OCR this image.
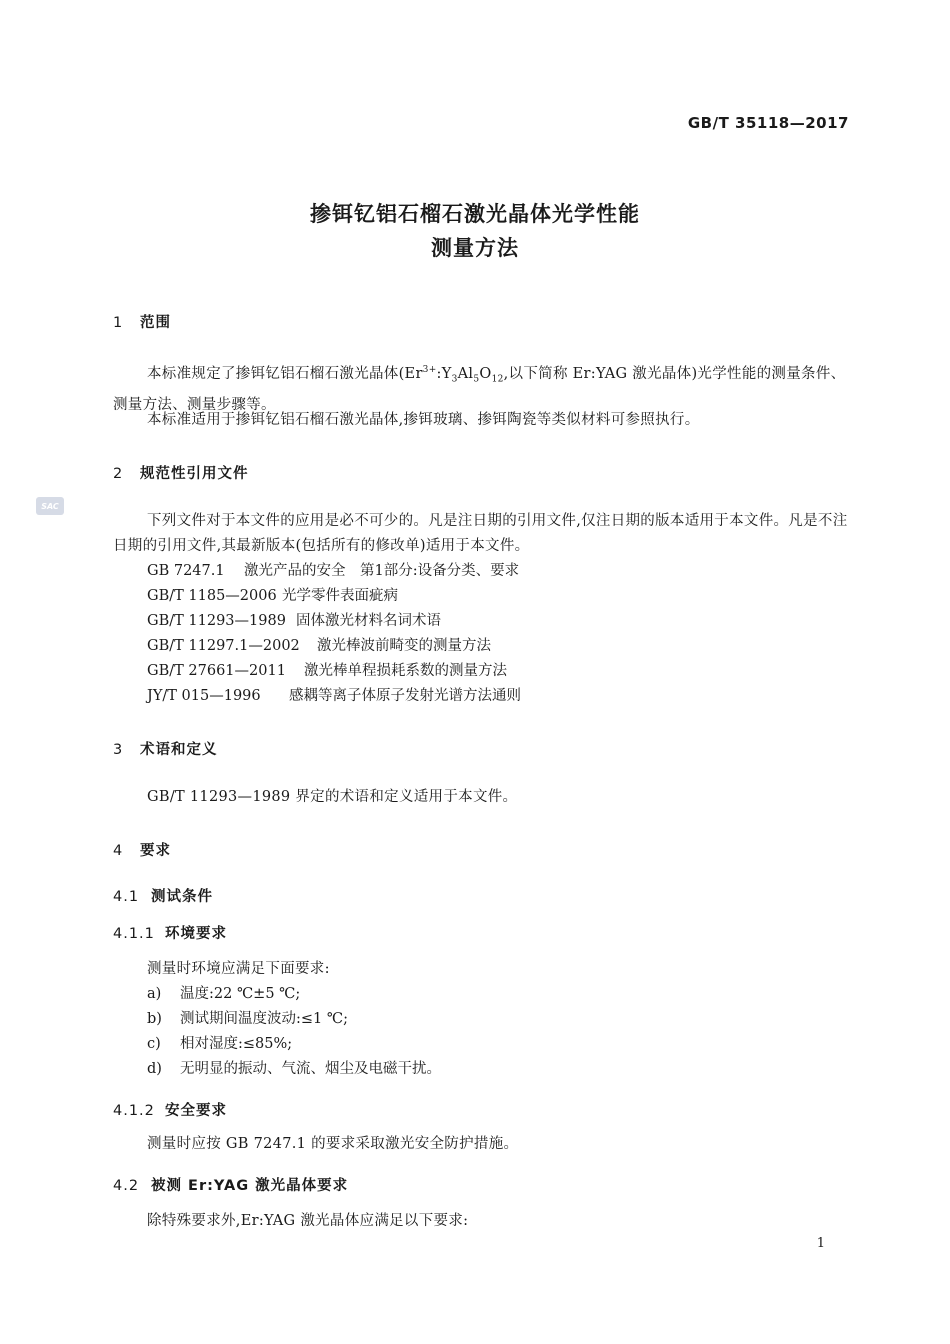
GB/T 35118—2017
掺铒钇铝石榴石激光晶体光学性能
测量方法
SAC
1 范围
本标准规定了掺铒钇铝石榴石激光晶体($Er^{3+}:Y_3Al_5O_{12}$,以下简称 Er:YAG 激光晶体)光学性能的测量条件、测量方法、测量步骤等。
本标准适用于掺铒钇铝石榴石激光晶体,掺铒玻璃、掺铒陶瓷等类似材料可参照执行。
2 规范性引用文件
下列文件对于本文件的应用是必不可少的。凡是注日期的引用文件,仅注日期的版本适用于本文件。凡是不注日期的引用文件,其最新版本(包括所有的修改单)适用于本文件。
GB 7247.1 激光产品的安全　第1部分:设备分类、要求
GB/T 1185—2006 光学零件表面疵病
GB/T 11293—1989 固体激光材料名词术语
GB/T 11297.1—2002 激光棒波前畸变的测量方法
GB/T 27661—2011 激光棒单程损耗系数的测量方法
JY/T 015—1996 感耦等离子体原子发射光谱方法通则
3 术语和定义
GB/T 11293—1989 界定的术语和定义适用于本文件。
4 要求
4.1 测试条件
4.1.1 环境要求
测量时环境应满足下面要求:
a) 温度:22 ℃±5 ℃;
b) 测试期间温度波动:≤1 ℃;
c) 相对湿度:≤85%;
d) 无明显的振动、气流、烟尘及电磁干扰。
4.1.2 安全要求
测量时应按 GB 7247.1 的要求采取激光安全防护措施。
4.2 被测 Er:YAG 激光晶体要求
除特殊要求外,Er:YAG 激光晶体应满足以下要求:
1
